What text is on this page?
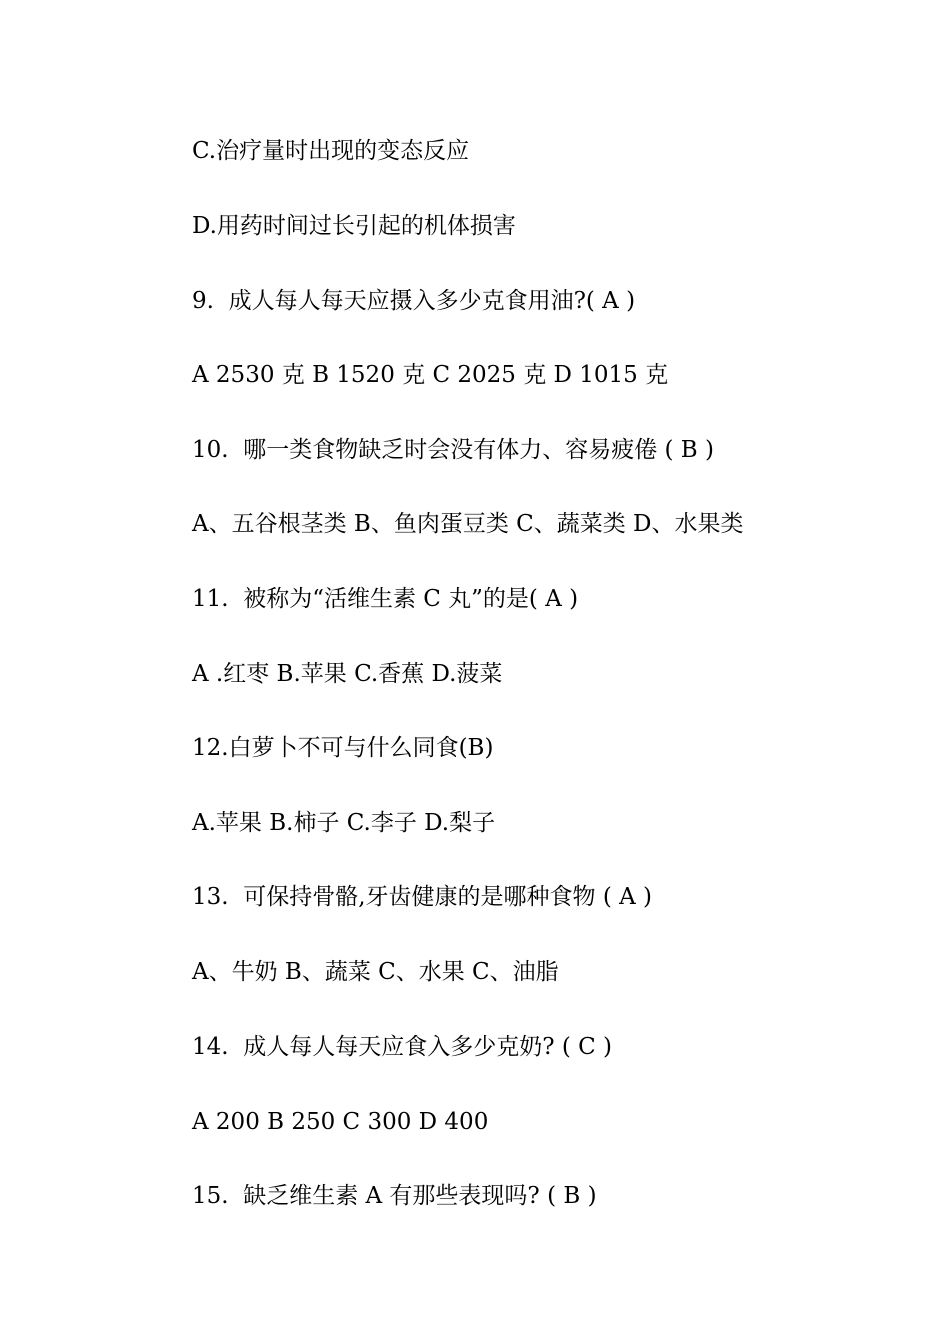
C.治疗量时出现的变态反应
D.用药时间过长引起的机体损害
9.  成人每人每天应摄入多少克食用油?( A )
A 2530 克 B 1520 克 C 2025 克 D 1015 克
10.  哪一类食物缺乏时会没有体力、容易疲倦 ( B )
A、五谷根茎类 B、鱼肉蛋豆类 C、蔬菜类 D、水果类
11.  被称为“活维生素 C 丸”的是( A )
A .红枣 B.苹果 C.香蕉 D.菠菜
12.白萝卜不可与什么同食(B)
A.苹果 B.柿子 C.李子 D.梨子
13.  可保持骨骼,牙齿健康的是哪种食物 ( A )
A、牛奶 B、蔬菜 C、水果 C、油脂
14.  成人每人每天应食入多少克奶? ( C )
A 200 B 250 C 300 D 400
15.  缺乏维生素 A 有那些表现吗? ( B )
